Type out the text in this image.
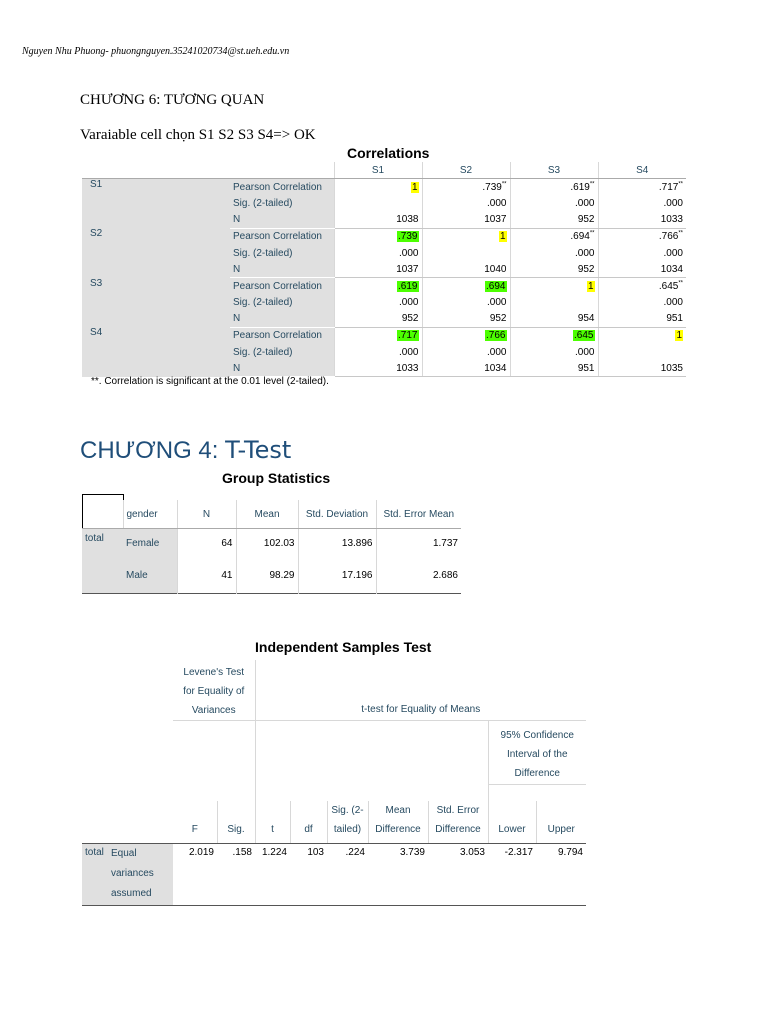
Nguyen Nhu Phuong- phuongnguyen.35241020734@st.ueh.edu.vn
CHƯƠNG 6: TƯƠNG QUAN
Varaiable cell chọn S1 S2 S3 S4=> OK
Correlations
		S1	S2	S3	S4
S1	Pearson Correlation	1	.739**	.619**	.717**
	Sig. (2-tailed)		.000	.000	.000
	N	1038	1037	952	1033
S2	Pearson Correlation	.739	1	.694**	.766**
	Sig. (2-tailed)	.000		.000	.000
	N	1037	1040	952	1034
S3	Pearson Correlation	.619	.694	1	.645**
	Sig. (2-tailed)	.000	.000		.000
	N	952	952	954	951
S4	Pearson Correlation	.717	.766	.645	1
	Sig. (2-tailed)	.000	.000	.000	
	N	1033	1034	951	1035
**. Correlation is significant at the 0.01 level (2-tailed).
CHƯƠNG 4: T-Test
Group Statistics
	gender	N	Mean	Std. Deviation	Std. Error Mean
total	Female	64	102.03	13.896	1.737
	Male	41	98.29	17.196	2.686
Independent Samples Test
		Levene's Test for Equality of Variances		t-test for Equality of Means						
									95% Confidence Interval of the Difference	

		F	Sig.	t	df	Sig. (2-tailed)	Mean Difference	Std. Error Difference	Lower	Upper
total	Equal variances assumed	2.019	.158	1.224	103	.224	3.739	3.053	-2.317	9.794
